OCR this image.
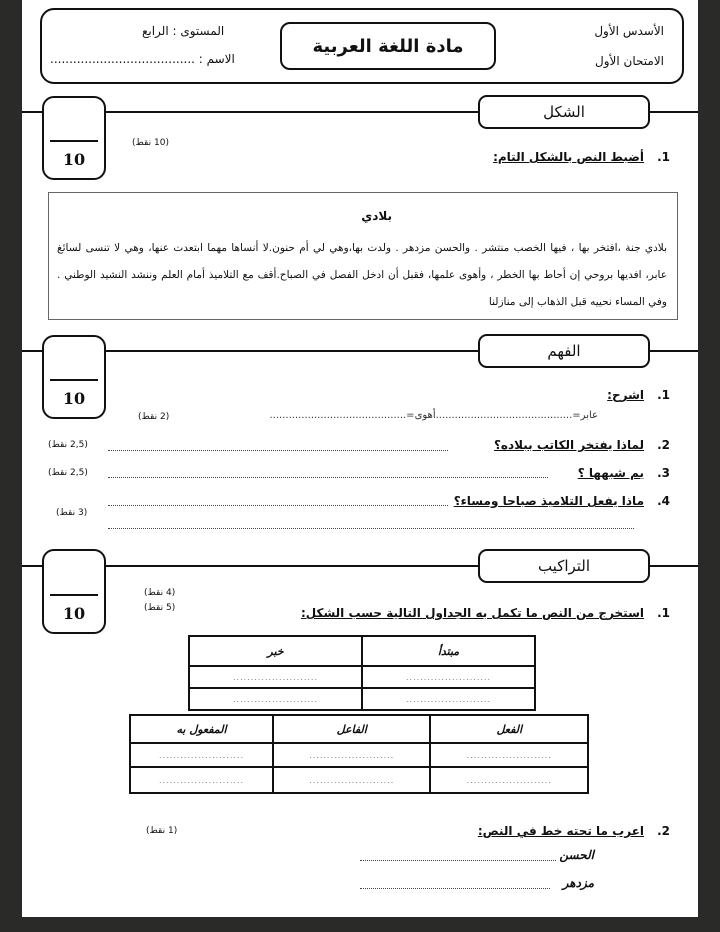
الأسدس الأول
الامتحان الأول
المستوى : الرابع
الاسم : ......................................
مادة اللغة العربية
10
الشكل
1.أضبط النص بالشكل التام:
(10 نقط)
بلادي
بلادي جنة ،افتخر بها ، فيها الخصب منتشر . والحسن مزدهر . ولدت بها،وهي لي أم حنون.لا أنساها مهما ابتعدت عنها، وهي لا تنسى لسائغ عابر، افديها بروحي إن أحاط بها الخطر ، وأهوى علمها، فقبل أن ادخل الفصل في الصباح.أقف مع التلاميذ أمام العلم وننشد النشيد الوطني . وفي المساء نحييه قبل الذهاب إلى منازلنا
10
الفهم
1.اشرح:
عابر=...........................................أهوى=...........................................
(2 نقط)
2.لماذا يفتخر الكاتب ببلاده؟
(2,5 نقط)
3.بم شبهها ؟
(2,5 نقط)
4.ماذا يفعل التلاميذ صباحا ومساء؟
(3 نقط)
10
التراكيب
(4 نقط)
(5 نقط)	1.استخرج من النص ما تكمل به الجداول التالية حسب الشكل:
خبر	مبتدأ
........................	........................
........................	........................
المفعول به	الفاعل	الفعل
........................	........................	........................
........................	........................	........................
2.اعرب ما تحته خط في النص:
(1 نقط)
الحسن
مزدهر
